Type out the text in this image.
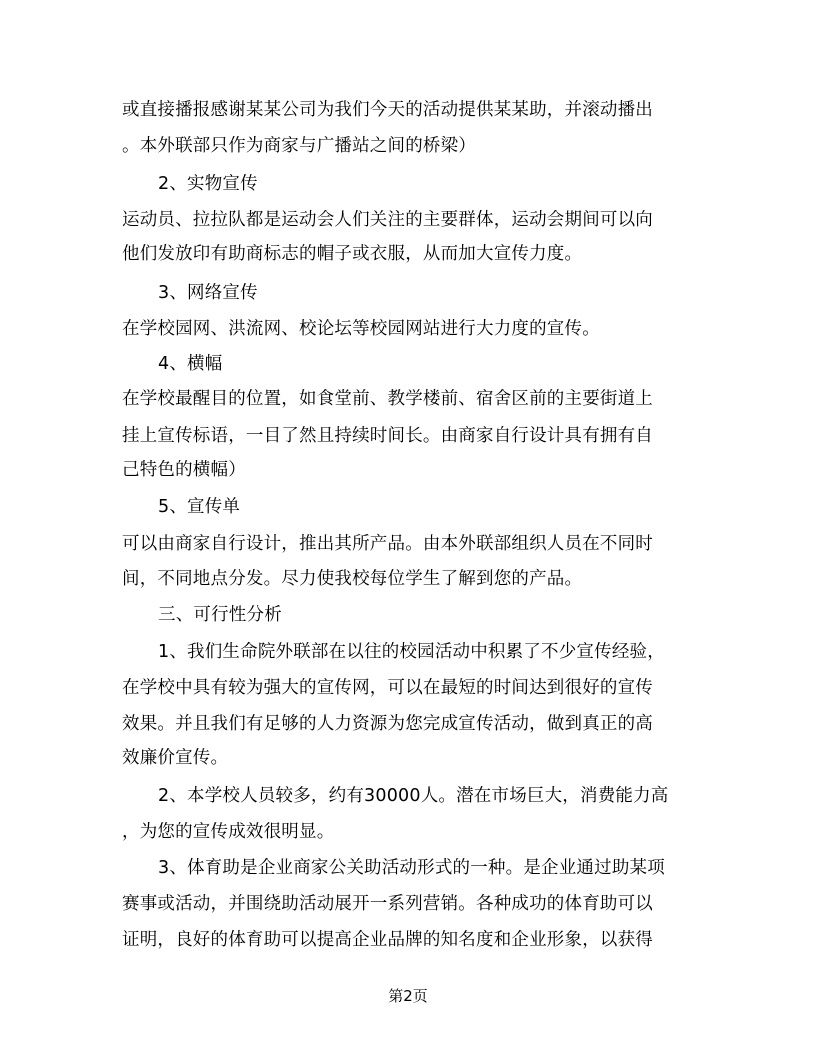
或直接播报感谢某某公司为我们今天的活动提供某某助，并滚动播出
。本外联部只作为商家与广播站之间的桥梁）
2、实物宣传
运动员、拉拉队都是运动会人们关注的主要群体，运动会期间可以向
他们发放印有助商标志的帽子或衣服，从而加大宣传力度。
3、网络宣传
在学校园网、洪流网、校论坛等校园网站进行大力度的宣传。
4、横幅
在学校最醒目的位置，如食堂前、教学楼前、宿舍区前的主要街道上
挂上宣传标语，一目了然且持续时间长。由商家自行设计具有拥有自
己特色的横幅）
5、宣传单
可以由商家自行设计，推出其所产品。由本外联部组织人员在不同时
间，不同地点分发。尽力使我校每位学生了解到您的产品。
三、可行性分析
1、我们生命院外联部在以往的校园活动中积累了不少宣传经验，
在学校中具有较为强大的宣传网，可以在最短的时间达到很好的宣传
效果。并且我们有足够的人力资源为您完成宣传活动，做到真正的高
效廉价宣传。
2、本学校人员较多，约有30000人。潜在市场巨大，消费能力高
，为您的宣传成效很明显。
3、体育助是企业商家公关助活动形式的一种。是企业通过助某项
赛事或活动，并围绕助活动展开一系列营销。各种成功的体育助可以
证明，良好的体育助可以提高企业品牌的知名度和企业形象，以获得
第2页
